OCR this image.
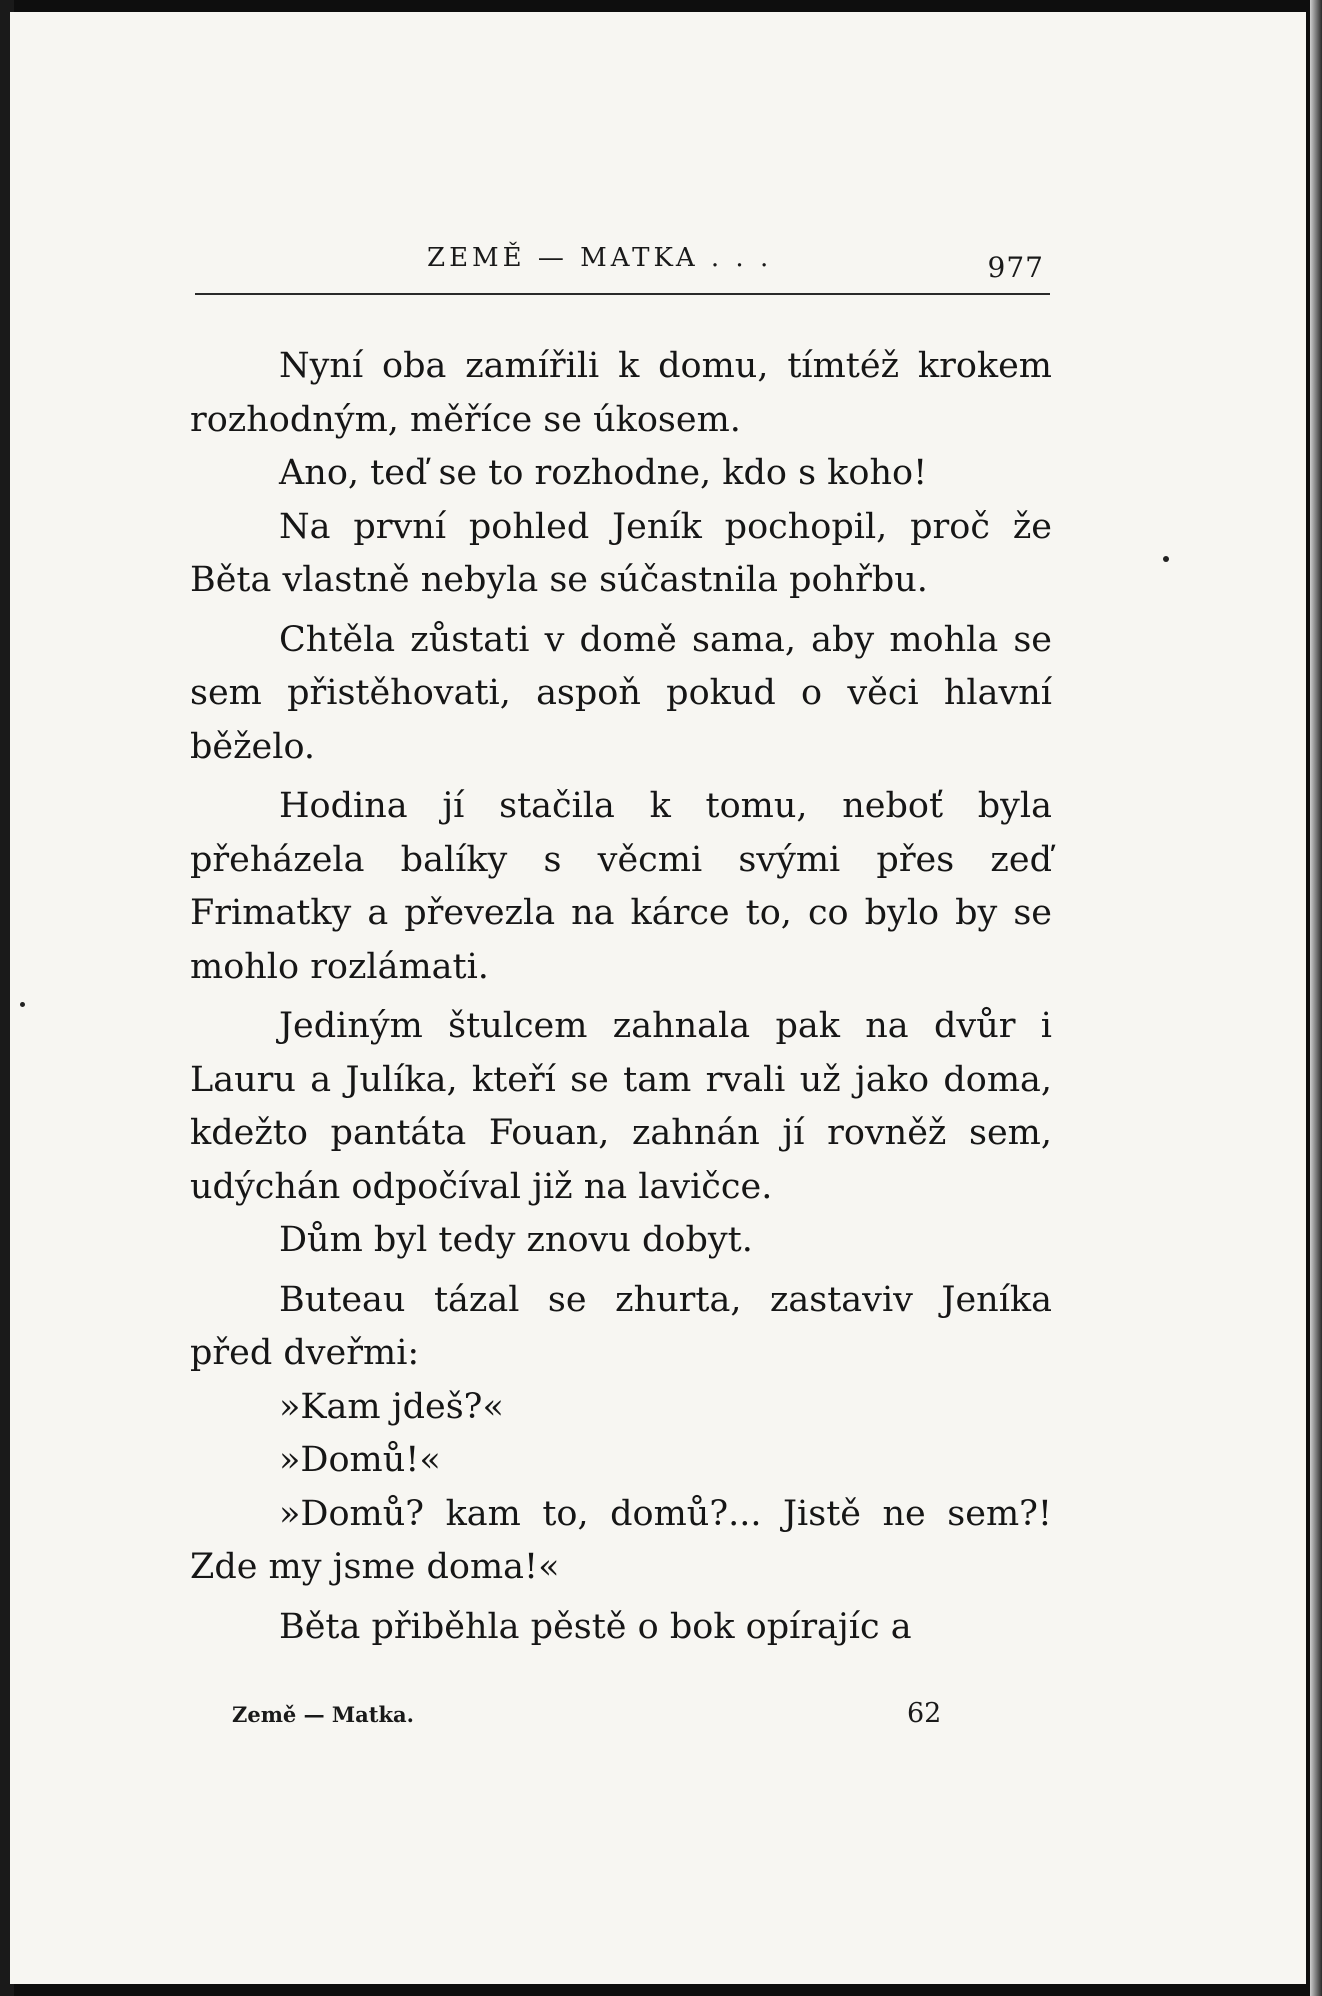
ZEMĚ — MATKA . . .	977

Nyní oba zamířili k domu, tímtéž krokem rozhodným, měříce se úkosem.

Ano, teď se to rozhodne, kdo s koho!

Na první pohled Jeník pochopil, proč že Běta vlastně nebyla se súčastnila pohřbu.

Chtěla zůstati v domě sama, aby mohla se sem přistěhovati, aspoň pokud o věci hlavní běželo.

Hodina jí stačila k tomu, neboť byla přeházela balíky s věcmi svými přes zeď Frimatky a převezla na kárce to, co bylo by se mohlo rozlámati.

Jediným štulcem zahnala pak na dvůr i Lauru a Julíka, kteří se tam rvali už jako doma, kdežto pantáta Fouan, zahnán jí rovněž sem, udýchán odpočíval již na lavičce.

Dům byl tedy znovu dobyt.

Buteau tázal se zhurta, zastaviv Jeníka před dveřmi:

»Kam jdeš?«

»Domů!«

»Domů? kam to, domů?... Jistě ne sem?! Zde my jsme doma!«

Běta přiběhla pěstě o bok opírajíc a

Země — Matka.	62
